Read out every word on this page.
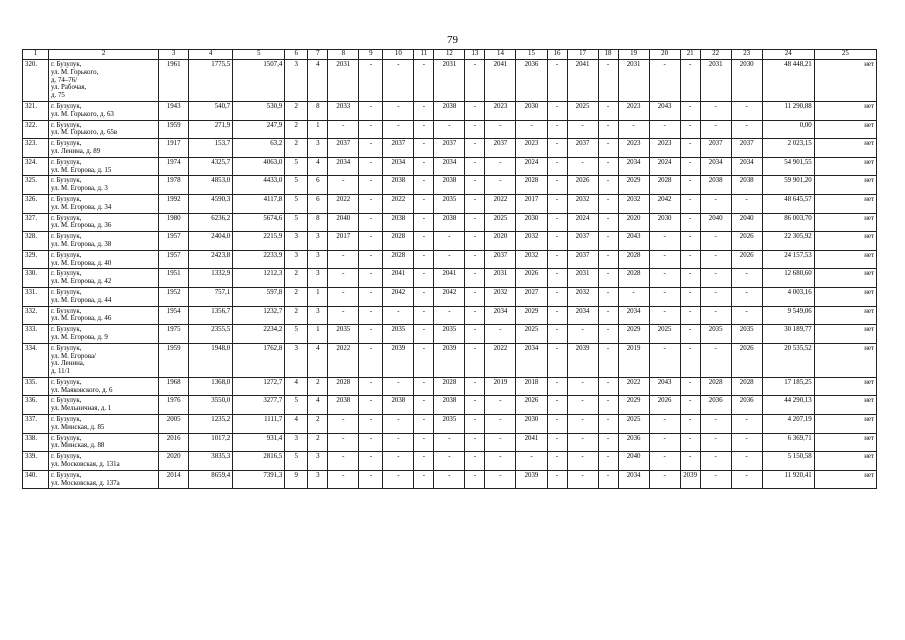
79
1	2	3	4	5	6	7	8	9	10	11	12	13	14	15	16	17	18	19	20	21	22	23	24	25
320.	г. Бузулук,
ул. М. Горького,
д. 74–76/
ул. Рабочая,
д. 75	1961	1775,5	1507,4	3	4	2031	-	-	-	2031	-	2041	2036	-	2041	-	2031	-	-	2031	2030	48 448,21	нет
321.	г. Бузулук,
ул. М. Горького, д. 63	1943	540,7	530,9	2	8	2033	-	-	-	2038	-	2023	2030	-	2025	-	2023	2043	-	-	-	11 290,88	нет
322.	г. Бузулук,
ул. М. Горького, д. 65в	1959	271,9	247,9	2	1	-	-	-	-	-	-	-	-	-	-	-	-	-	-	-	-	0,00	нет
323.	г. Бузулук,
ул. Ленина, д. 89	1917	153,7	63,2	2	3	2037	-	2037	-	2037	-	2037	2023	-	2037	-	2023	2023	-	2037	2037	2 023,15	нет
324.	г. Бузулук,
ул. М. Егорова, д. 15	1974	4325,7	4063,0	5	4	2034	-	2034	-	2034	-	-	2024	-	-	-	2034	2024	-	2034	2034	54 901,55	нет
325.	г. Бузулук,
ул. М. Егорова, д. 3	1978	4853,0	4433,0	5	6	-	-	2038	-	2038	-	-	2028	-	2026	-	2029	2028	-	2038	2038	59 901,20	нет
326.	г. Бузулук,
ул. М. Егорова, д. 34	1992	4590,3	4117,8	5	6	2022	-	2022	-	2035	-	2022	2017	-	2032	-	2032	2042	-	-	-	48 645,57	нет
327.	г. Бузулук,
ул. М. Егорова, д. 36	1980	6236,2	5674,6	5	8	2040	-	2038	-	2038	-	2025	2030	-	2024	-	2020	2030	-	2040	2040	86 003,70	нет
328.	г. Бузулук,
ул. М. Егорова, д. 38	1957	2404,0	2215,9	3	3	2017	-	2028	-	-	-	2020	2032	-	2037	-	2043	-	-	-	2026	22 305,92	нет
329.	г. Бузулук,
ул. М. Егорова, д. 40	1957	2423,8	2233,9	3	3	-	-	2028	-	-	-	2037	2032	-	2037	-	2028	-	-	-	2026	24 157,53	нет
330.	г. Бузулук,
ул. М. Егорова, д. 42	1951	1332,9	1212,3	2	3	-	-	2041	-	2041	-	2031	2026	-	2031	-	2028	-	-	-	-	12 680,60	нет
331.	г. Бузулук,
ул. М. Егорова, д. 44	1952	757,1	597,8	2	1	-	-	2042	-	2042	-	2032	2027	-	2032	-	-	-	-	-	-	4 003,16	нет
332.	г. Бузулук,
ул. М. Егорова, д. 46	1954	1356,7	1232,7	2	3	-	-	-	-	-	-	2034	2029	-	2034	-	2034	-	-	-	-	9 549,06	нет
333.	г. Бузулук,
ул. М. Егорова, д. 9	1975	2355,5	2234,2	5	1	2035	-	2035	-	2035	-	-	2025	-	-	-	2029	2025	-	2035	2035	30 189,77	нет
334.	г. Бузулук,
ул. М. Егорова/
ул. Ленина,
д. 11/1	1959	1948,0	1762,8	3	4	2022	-	2039	-	2039	-	2022	2034	-	2039	-	2019	-	-	-	2026	20 535,52	нет
335.	г. Бузулук,
ул. Маяковского, д. 6	1968	1368,0	1272,7	4	2	2028	-	-	-	2028	-	2019	2018	-	-	-	2022	2043	-	2028	2028	17 185,25	нет
336.	г. Бузулук,
ул. Мельничная, д. 1	1976	3550,0	3277,7	5	4	2038	-	2038	-	2038	-	-	2026	-	-	-	2029	2026	-	2036	2036	44 290,13	нет
337.	г. Бузулук,
ул. Минская, д. 85	2005	1235,2	1111,7	4	2	-	-	-	-	2035	-	-	2030	-	-	-	2025	-	-	-	-	4 207,19	нет
338.	г. Бузулук,
ул. Минская, д. 88	2016	1017,2	931,4	3	2	-	-	-	-	-	-	-	2041	-	-	-	2036	-	-	-	-	6 369,71	нет
339.	г. Бузулук,
ул. Московская, д. 131а	2020	3835,3	2816,5	5	3	-	-	-	-	-	-	-	-	-	-	-	2040	-	-	-	-	5 150,58	нет
340.	г. Бузулук,
ул. Московская, д. 137а	2014	8659,4	7391,3	9	3	-	-	-	-	-	-	-	2039	-	-	-	2034	-	2039	-	-	11 920,41	нет
